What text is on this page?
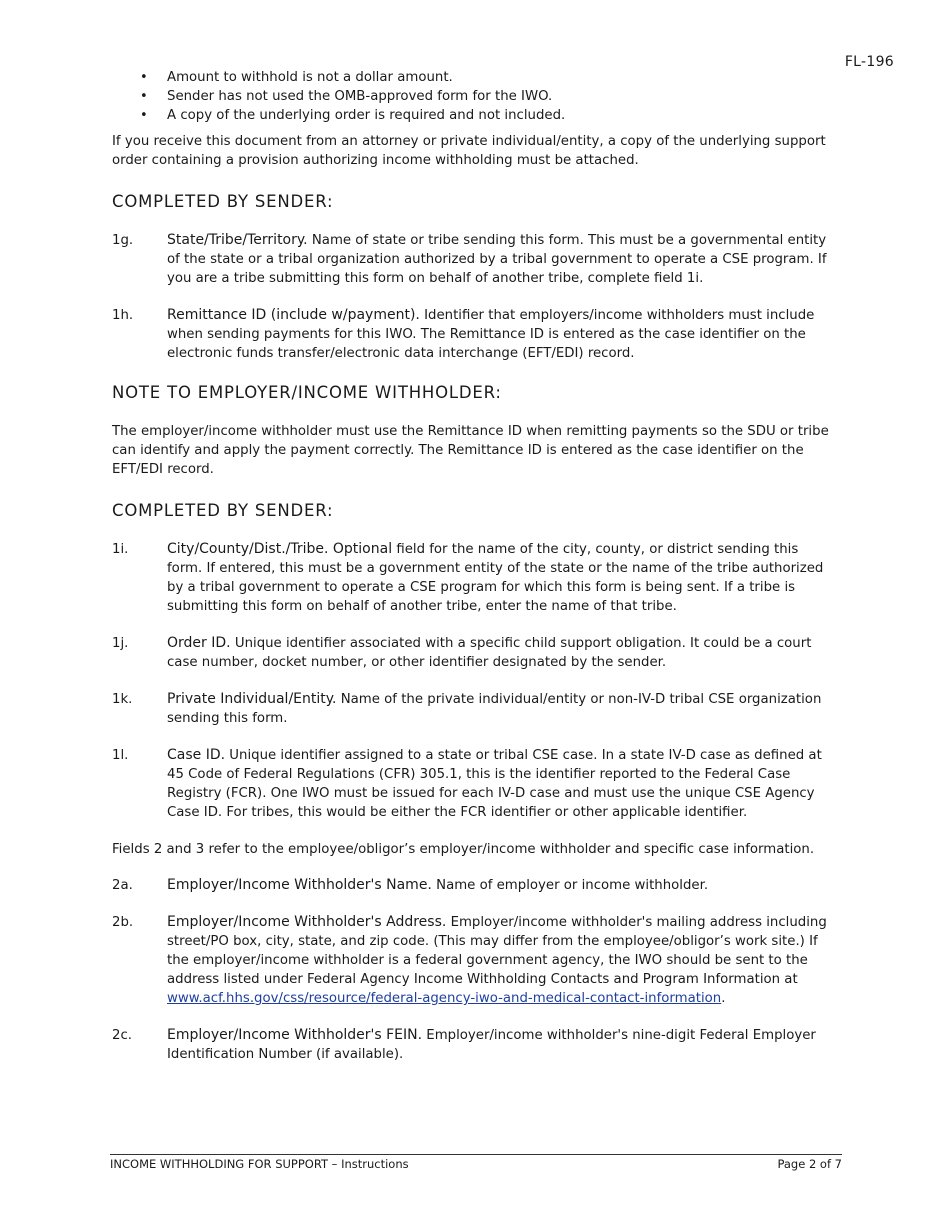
FL-196
• Amount to withhold is not a dollar amount.
• Sender has not used the OMB-approved form for the IWO.
• A copy of the underlying order is required and not included.

If you receive this document from an attorney or private individual/entity, a copy of the underlying support order containing a provision authorizing income withholding must be attached.

COMPLETED BY SENDER:
1g.	State/Tribe/Territory. Name of state or tribe sending this form. This must be a governmental entity of the state or a tribal organization authorized by a tribal government to operate a CSE program. If you are a tribe submitting this form on behalf of another tribe, complete field 1i.
1h.	Remittance ID (include w/payment). Identifier that employers/income withholders must include when sending payments for this IWO. The Remittance ID is entered as the case identifier on the electronic funds transfer/electronic data interchange (EFT/EDI) record.
NOTE TO EMPLOYER/INCOME WITHHOLDER:

The employer/income withholder must use the Remittance ID when remitting payments so the SDU or tribe can identify and apply the payment correctly. The Remittance ID is entered as the case identifier on the EFT/EDI record.

COMPLETED BY SENDER:
1i.	City/County/Dist./Tribe. Optional field for the name of the city, county, or district sending this form. If entered, this must be a government entity of the state or the name of the tribe authorized by a tribal government to operate a CSE program for which this form is being sent. If a tribe is submitting this form on behalf of another tribe, enter the name of that tribe.
1j.	Order ID. Unique identifier associated with a specific child support obligation. It could be a court case number, docket number, or other identifier designated by the sender.
1k.	Private Individual/Entity. Name of the private individual/entity or non-IV-D tribal CSE organization sending this form.
1l.	Case ID. Unique identifier assigned to a state or tribal CSE case. In a state IV-D case as defined at 45 Code of Federal Regulations (CFR) 305.1, this is the identifier reported to the Federal Case Registry (FCR). One IWO must be issued for each IV-D case and must use the unique CSE Agency Case ID. For tribes, this would be either the FCR identifier or other applicable identifier.

Fields 2 and 3 refer to the employee/obligor’s employer/income withholder and specific case information.

2a.	Employer/Income Withholder's Name. Name of employer or income withholder.
2b.	Employer/Income Withholder's Address. Employer/income withholder's mailing address including street/PO box, city, state, and zip code. (This may differ from the employee/obligor’s work site.) If the employer/income withholder is a federal government agency, the IWO should be sent to the address listed under Federal Agency Income Withholding Contacts and Program Information at www.acf.hhs.gov/css/resource/federal-agency-iwo-and-medical-contact-information.
2c.	Employer/Income Withholder's FEIN. Employer/income withholder's nine-digit Federal Employer Identification Number (if available).
INCOME WITHHOLDING FOR SUPPORT – Instructions	Page 2 of 7
